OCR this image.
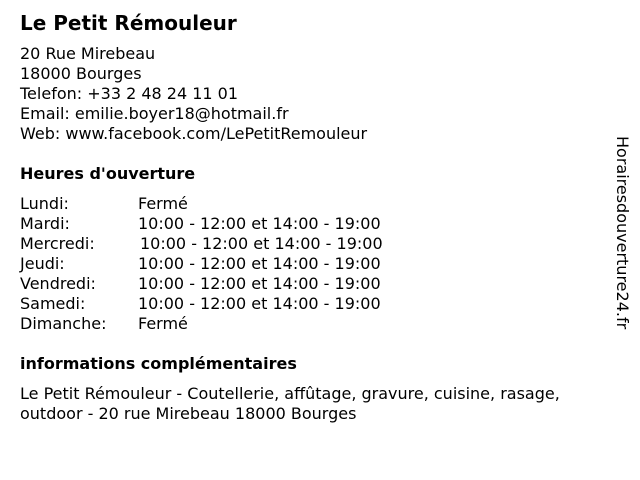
Le Petit Rémouleur
20 Rue Mirebeau
18000 Bourges
Telefon: +33 2 48 24 11 01
Email: emilie.boyer18@hotmail.fr
Web: www.facebook.com/LePetitRemouleur
Heures d'ouverture
Lundi:	Fermé
Mardi:	10:00 - 12:00 et 14:00 - 19:00
Mercredi:	10:00 - 12:00 et 14:00 - 19:00
Jeudi:	10:00 - 12:00 et 14:00 - 19:00
Vendredi:	10:00 - 12:00 et 14:00 - 19:00
Samedi:	10:00 - 12:00 et 14:00 - 19:00
Dimanche: Fermé
informations complémentaires
Le Petit Rémouleur - Coutellerie, affûtage, gravure, cuisine, rasage, outdoor - 20 rue Mirebeau 18000 Bourges
Horairesdouverture24.fr
